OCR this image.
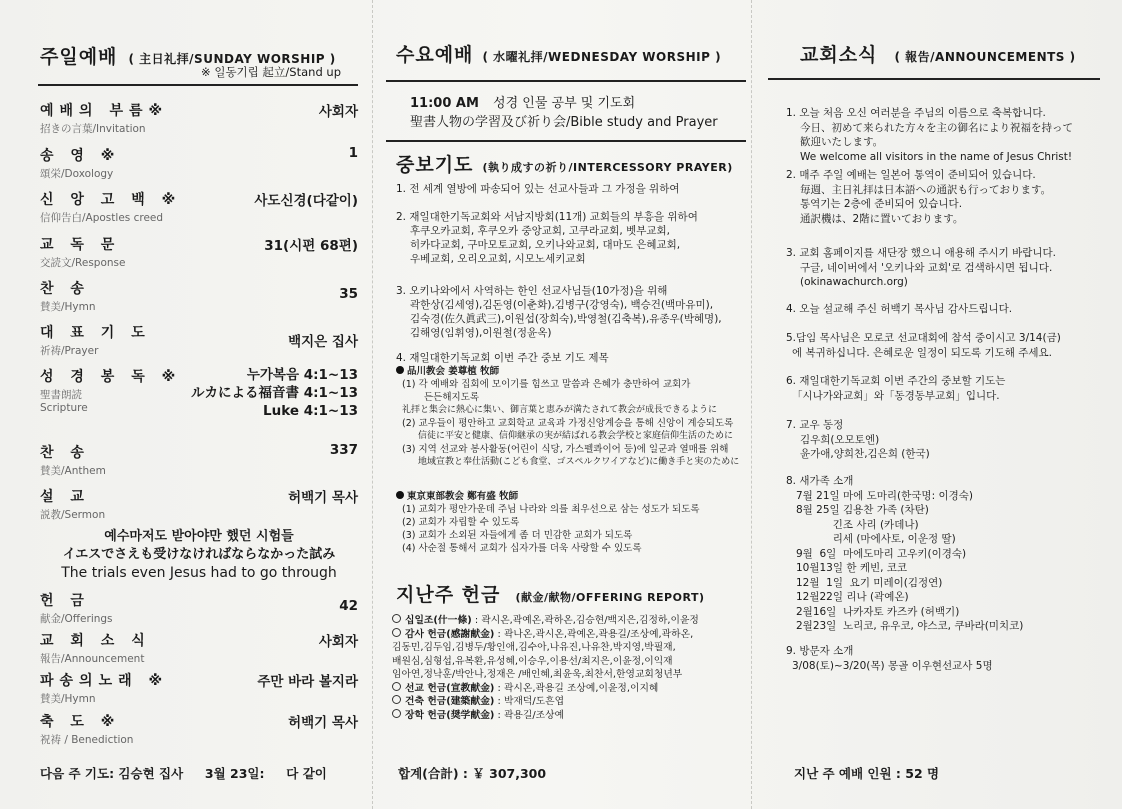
주일예배 ( 主日礼拝/SUNDAY WORSHIP )
※ 일동기립 起立/Stand up
예배의 부름※
招きの言葉/Invitation
사회자
송 영 ※
頌栄/Doxology
1
신 앙 고 백 ※
信仰告白/Apostles creed
사도신경(다같이)
교 독 문
交読文/Response
31(시편 68편)
찬 송
賛美/Hymn
35
대 표 기 도
祈祷/Prayer
백지은 집사
성 경 봉 독 ※
聖書朗読
Scripture
누가복음 4:1~13
ルカによる福音書 4:1~13
Luke 4:1~13
찬 송
賛美/Anthem
337
설 교
説教/Sermon
허백기 목사
예수마저도 받아야만 했던 시험들
イエスでさえも受けなければならなかった試み
The trials even Jesus had to go through
헌 금
献金/Offerings
42
교 회 소 식
報告/Announcement
사회자
파송의노래 ※
賛美/Hymn
주만 바라 볼지라
축 도 ※
祝祷 / Benediction
허백기 목사
다음 주 기도: 김승현 집사     3월 23일:     다 같이
수요예배 ( 水曜礼拝/WEDNESDAY WORSHIP )
11:00 AM 성경 인물 공부 및 기도회
聖書人物の学習及び祈り会/Bible study and Prayer
중보기도 (執り成すの祈り/INTERCESSORY PRAYER)
1. 전 세계 열방에 파송되어 있는 선교사들과 그 가정을 위하여
2. 재일대한기독교회와 서남지방회(11개) 교회들의 부흥을 위하여
후쿠오카교회, 후쿠오카 중앙교회, 고쿠라교회, 벳부교회,
히카다교회, 구마모토교회, 오키나와교회, 대마도 은혜교회,
우베교회, 오리오교회, 시모노세키교회
3. 오키나와에서 사역하는 한인 선교사님들(10가정)을 위해
곽한상(김세영),김돈영(이춘화),김병구(강영숙), 백승건(백마유미),
김숙경(佐久眞武三),이원섭(장희숙),박영철(김축복),유종우(박혜명),
김해영(임휘영),이원철(정윤옥)
4. 재일대한기독교회 이번 주간 중보 기도 제목
品川教会 姜尊植 牧師
(1) 각 예배와 집회에 모이기를 힘쓰고 말씀과 은혜가 충만하여 교회가
든든해지도록
礼拝と集会に熱心に集い、御言葉と恵みが満たされて教会が成長できるように
(2) 교우들이 평안하고 교회학교 교육과 가정신앙계승을 통해 신앙이 계승되도록
信徒に平安と健康、信仰継承の実が結ばれる教会学校と家庭信仰生活のために
(3) 지역 선교와 봉사활동(어린이 식당, 가스펠콰이어 등)에 일군과 열매를 위해
地域宣教と奉仕活動(こども食堂、ゴスペルクワイアなど)に働き手と実のために
東京東部教会 鄭有盛 牧師
(1) 교회가 평안가운데 주님 나라와 의를 최우선으로 삼는 성도가 되도록
(2) 교회가 자립할 수 있도록
(3) 교회가 소외된 자들에게 좀 더 민감한 교회가 되도록
(4) 사순절 통해서 교회가 십자가를 더욱 사랑할 수 있도록
지난주 헌금 (献金/献物/OFFERING REPORT)
십일조(什一條) : 곽시온,곽예온,곽하온,김승현/백지은,김정하,이윤정
감사 헌금(感謝献金) : 곽나온,곽시온,곽예온,곽용길/조상예,곽하온,
김동민,김두임,김병두/황인애,김수아,나유진,나유찬,박지영,박필재,
배원심,심형섭,유복환,유성혜,이승우,이용선/최지은,이윤정,이익재
임아연,정낙훈/박안나,정재은 /배인혜,최윤욱,최찬서,한영교회청년부
선교 헌금(宣教献金) : 곽시온,곽용길 조상예,이윤정,이지혜
건축 헌금(建築献金) : 박재덕/도흔엽
장학 헌금(奨学献金) : 곽용길/조상예
합계(合計) : ￥ 307,300
교회소식 ( 報告/ANNOUNCEMENTS )
1. 오늘 처음 오신 여러분을 주님의 이름으로 축복합니다.
今日、初めて来られた方々を主の御名により祝福を持って
歓迎いたします。
We welcome all visitors in the name of Jesus Christ!
2. 매주 주일 예배는 일본어 통역이 준비되어 있습니다.
毎週、主日礼拝は日本語への通訳も行っております。
통역기는 2층에 준비되어 있습니다.
通訳機は、2階に置いております。
3. 교회 홈페이지를 새단장 했으니 애용해 주시기 바랍니다.
구글, 네이버에서 '오키나와 교회'로 검색하시면 됩니다.
(okinawachurch.org)
4. 오늘 설교해 주신 허백기 목사님 감사드립니다.
5.담임 목사님은 모로코 선교대회에 참석 중이시고 3/14(금)
에 복귀하십니다. 은혜로운 일정이 되도록 기도해 주세요.
6. 재일대한기독교회 이번 주간의 중보할 기도는
「시나가와교회」와「동경동부교회」입니다.
7. 교우 동정
김우희(오모토엔)
윤가애,양희찬,김은희 (한국)
8. 새가족 소개
7월 21일 마에 도마리(한국명: 이경숙)
8월 25일 김용찬 가족 (차탄)
긴조 사리 (카데나)
리세 (마에사토, 이운정 딸)
9월  6일  마에도마리 고우키(이경숙)
10월13일 한 케빈, 코코
12월  1일  요기 미레이(김정연)
12월22일 리나 (곽예온)
2월16일  나카자토 카즈카 (허백기)
2월23일  노리코, 유우코, 야스코, 쿠바라(미치코)
9. 방문자 소개
3/08(토)~3/20(목) 몽골 이우현선교사 5명
지난 주 예배 인원 : 52 명
